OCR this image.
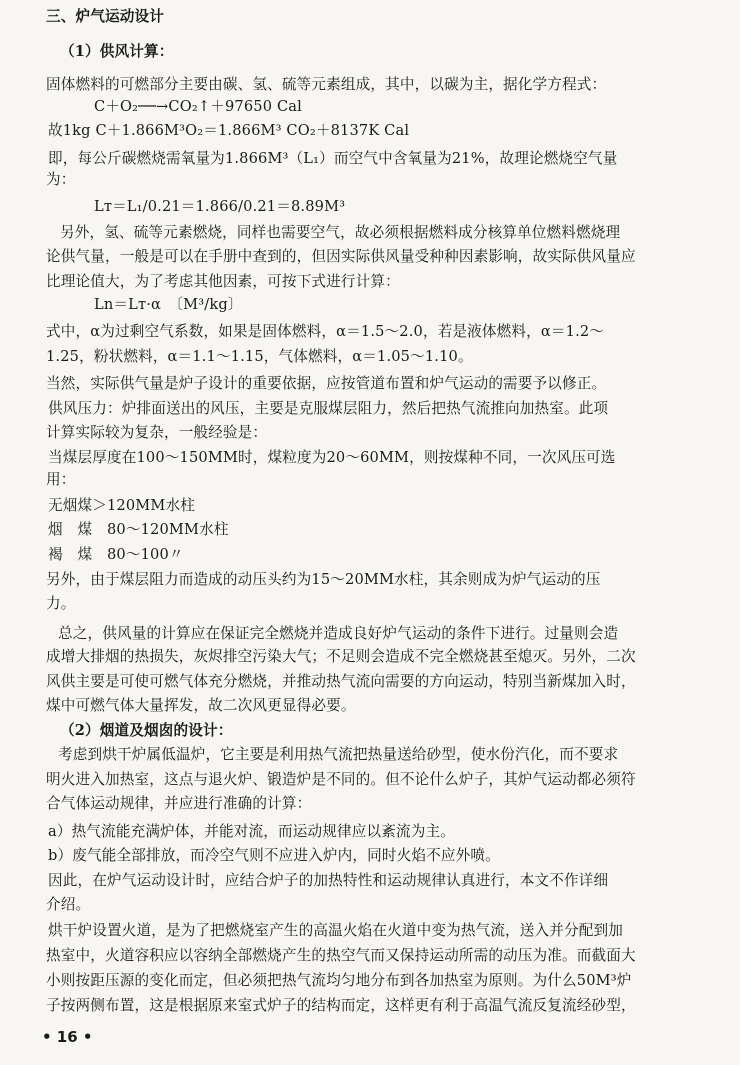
三、炉气运动设计

（1）供风计算：

固体燃料的可燃部分主要由碳、氢、硫等元素组成，其中，以碳为主，据化学方程式：

C＋O₂──→CO₂↑＋97650 Cal

故1kg C＋1.866M³O₂＝1.866M³ CO₂＋8137K Cal

即，每公斤碳燃烧需氧量为1.866M³（L₁）而空气中含氧量为21%，故理论燃烧空气量

为：

Lт＝L₁/0.21＝1.866/0.21＝8.89M³

另外，氢、硫等元素燃烧，同样也需要空气，故必须根据燃料成分核算单位燃料燃烧理

论供气量，一般是可以在手册中查到的，但因实际供风量受种种因素影响，故实际供风量应

比理论值大，为了考虑其他因素，可按下式进行计算：

Ln＝Lт·α　〔M³/kg〕

式中，α为过剩空气系数，如果是固体燃料，α＝1.5～2.0，若是液体燃料，α＝1.2～

1.25，粉状燃料，α＝1.1～1.15，气体燃料，α＝1.05～1.10。

当然，实际供气量是炉子设计的重要依据，应按管道布置和炉气运动的需要予以修正。

供风压力：炉排面送出的风压，主要是克服煤层阻力，然后把热气流推向加热室。此项

计算实际较为复杂，一般经验是：

当煤层厚度在100～150MM时，煤粒度为20～60MM，则按煤种不同，一次风压可选

用：

无烟煤＞120MM水柱

烟　煤　80～120MM水柱

褐　煤　80～100〃

另外，由于煤层阻力而造成的动压头约为15～20MM水柱，其余则成为炉气运动的压

力。

总之，供风量的计算应在保证完全燃烧并造成良好炉气运动的条件下进行。过量则会造

成增大排烟的热损失，灰烬排空污染大气；不足则会造成不完全燃烧甚至熄灭。另外，二次

风供主要是可使可燃气体充分燃烧，并推动热气流向需要的方向运动，特别当新煤加入时，

煤中可燃气体大量挥发，故二次风更显得必要。

（2）烟道及烟囱的设计：

考虑到烘干炉属低温炉，它主要是利用热气流把热量送给砂型，使水份汽化，而不要求

明火进入加热室，这点与退火炉、锻造炉是不同的。但不论什么炉子，其炉气运动都必须符

合气体运动规律，并应进行准确的计算：

a）热气流能充满炉体，并能对流，而运动规律应以紊流为主。

b）废气能全部排放，而冷空气则不应进入炉内，同时火焰不应外喷。

因此，在炉气运动设计时，应结合炉子的加热特性和运动规律认真进行，本文不作详细

介绍。

烘干炉设置火道，是为了把燃烧室产生的高温火焰在火道中变为热气流，送入并分配到加

热室中，火道容积应以容纳全部燃烧产生的热空气而又保持运动所需的动压为准。而截面大

小则按距压源的变化而定，但必须把热气流均匀地分布到各加热室为原则。为什么50M³炉

子按两侧布置，这是根据原来室式炉子的结构而定，这样更有利于高温气流反复流经砂型，

• 16 •
